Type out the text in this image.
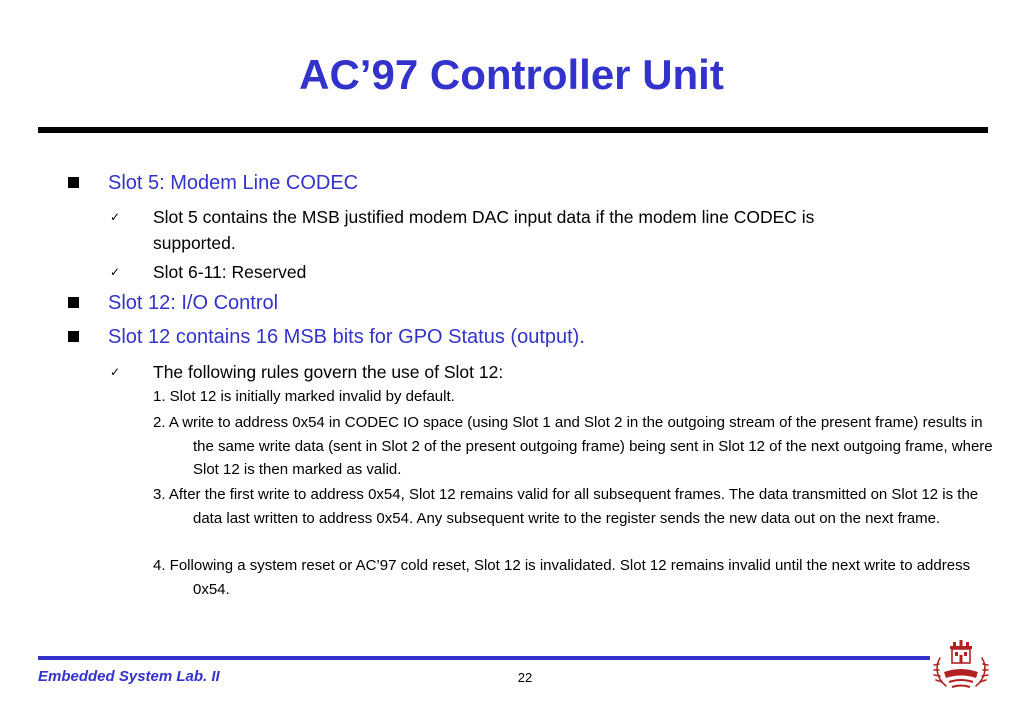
AC’97 Controller Unit
Slot 5: Modem Line CODEC
✓ Slot 5 contains the MSB justified modem DAC input data if the modem line CODEC is
supported.
✓ Slot 6-11: Reserved
Slot 12: I/O Control
Slot 12 contains 16 MSB bits for GPO Status (output).
✓ The following rules govern the use of Slot 12:
1. Slot 12 is initially marked invalid by default.
2. A write to address 0x54 in CODEC IO space (using Slot 1 and Slot 2 in the outgoing stream of the present frame) results in the same write data (sent in Slot 2 of the present outgoing frame) being sent in Slot 12 of the next outgoing frame, where Slot 12 is then marked as valid.
3. After the first write to address 0x54, Slot 12 remains valid for all subsequent frames. The data transmitted on Slot 12 is the data last written to address 0x54. Any subsequent write to the register sends the new data out on the next frame.
4. Following a system reset or AC’97 cold reset, Slot 12 is invalidated. Slot 12 remains invalid until the next write to address 0x54.
Embedded System Lab. II	22
